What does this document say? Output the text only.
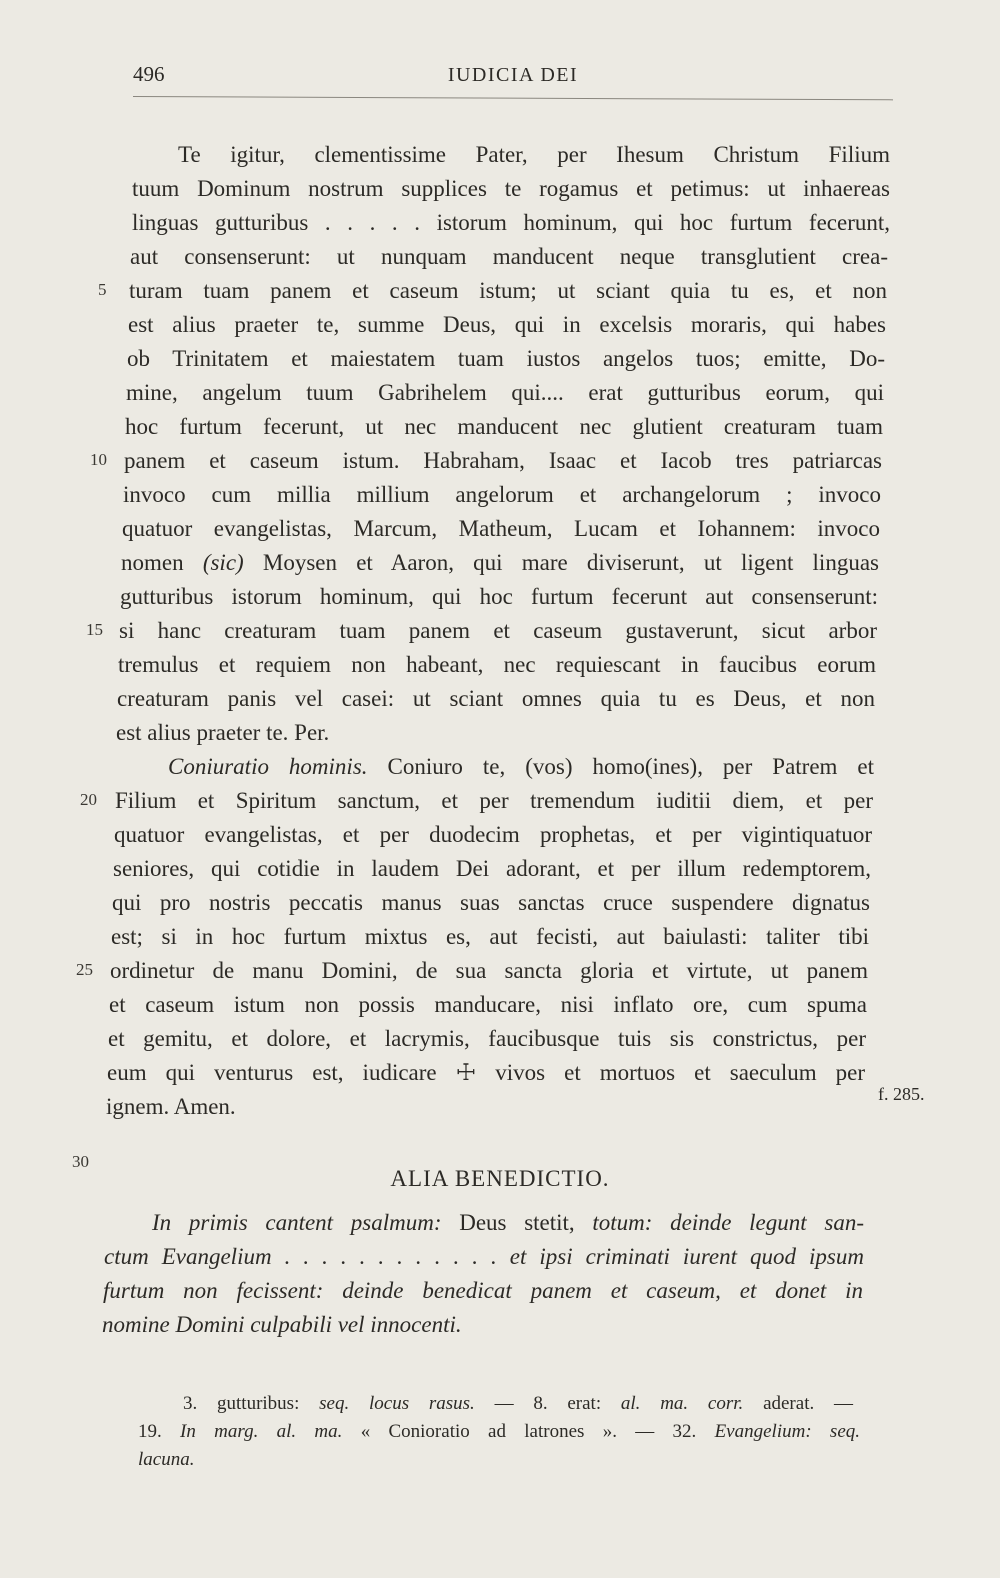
496	IUDICIA DEI
Te igitur, clementissime Pater, per Ihesum Christum Filium
tuum Dominum nostrum supplices te rogamus et petimus: ut inhaereas
linguas gutturibus . . . . . istorum hominum, qui hoc furtum fecerunt,
aut consenserunt: ut nunquam manducent neque transglutient crea-
turam tuam panem et caseum istum; ut sciant quia tu es, et non
est alius praeter te, summe Deus, qui in excelsis moraris, qui habes
ob Trinitatem et maiestatem tuam iustos angelos tuos; emitte, Do-
mine, angelum tuum Gabrihelem qui.... erat gutturibus eorum, qui
hoc furtum fecerunt, ut nec manducent nec glutient creaturam tuam
panem et caseum istum. Habraham, Isaac et Iacob tres patriarcas
invoco cum millia millium angelorum et archangelorum ; invoco
quatuor evangelistas, Marcum, Matheum, Lucam et Iohannem: invoco
nomen (sic) Moysen et Aaron, qui mare diviserunt, ut ligent linguas
gutturibus istorum hominum, qui hoc furtum fecerunt aut consenserunt:
si hanc creaturam tuam panem et caseum gustaverunt, sicut arbor
tremulus et requiem non habeant, nec requiescant in faucibus eorum
creaturam panis vel casei: ut sciant omnes quia tu es Deus, et non
est alius praeter te. Per.
Coniuratio hominis. Coniuro te, (vos) homo(ines), per Patrem et
Filium et Spiritum sanctum, et per tremendum iuditii diem, et per
quatuor evangelistas, et per duodecim prophetas, et per vigintiquatuor
seniores, qui cotidie in laudem Dei adorant, et per illum redemptorem,
qui pro nostris peccatis manus suas sanctas cruce suspendere dignatus
est; si in hoc furtum mixtus es, aut fecisti, aut baiulasti: taliter tibi
ordinetur de manu Domini, de sua sancta gloria et virtute, ut panem
et caseum istum non possis manducare, nisi inflato ore, cum spuma
et gemitu, et dolore, et lacrymis, faucibusque tuis sis constrictus, per
eum qui venturus est, iudicare ☩ vivos et mortuos et saeculum per
ignem. Amen.
5
10
15
20
25
30
f. 285.
ALIA BENEDICTIO.
In primis cantent psalmum: Deus stetit, totum: deinde legunt san-
ctum Evangelium . . . . . . . . . . . . et ipsi criminati iurent quod ipsum
furtum non fecissent: deinde benedicat panem et caseum, et donet in
nomine Domini culpabili vel innocenti.
3. gutturibus: seq. locus rasus. — 8. erat: al. ma. corr. aderat. —
19. In marg. al. ma. « Conioratio ad latrones ». — 32. Evangelium: seq.
lacuna.
